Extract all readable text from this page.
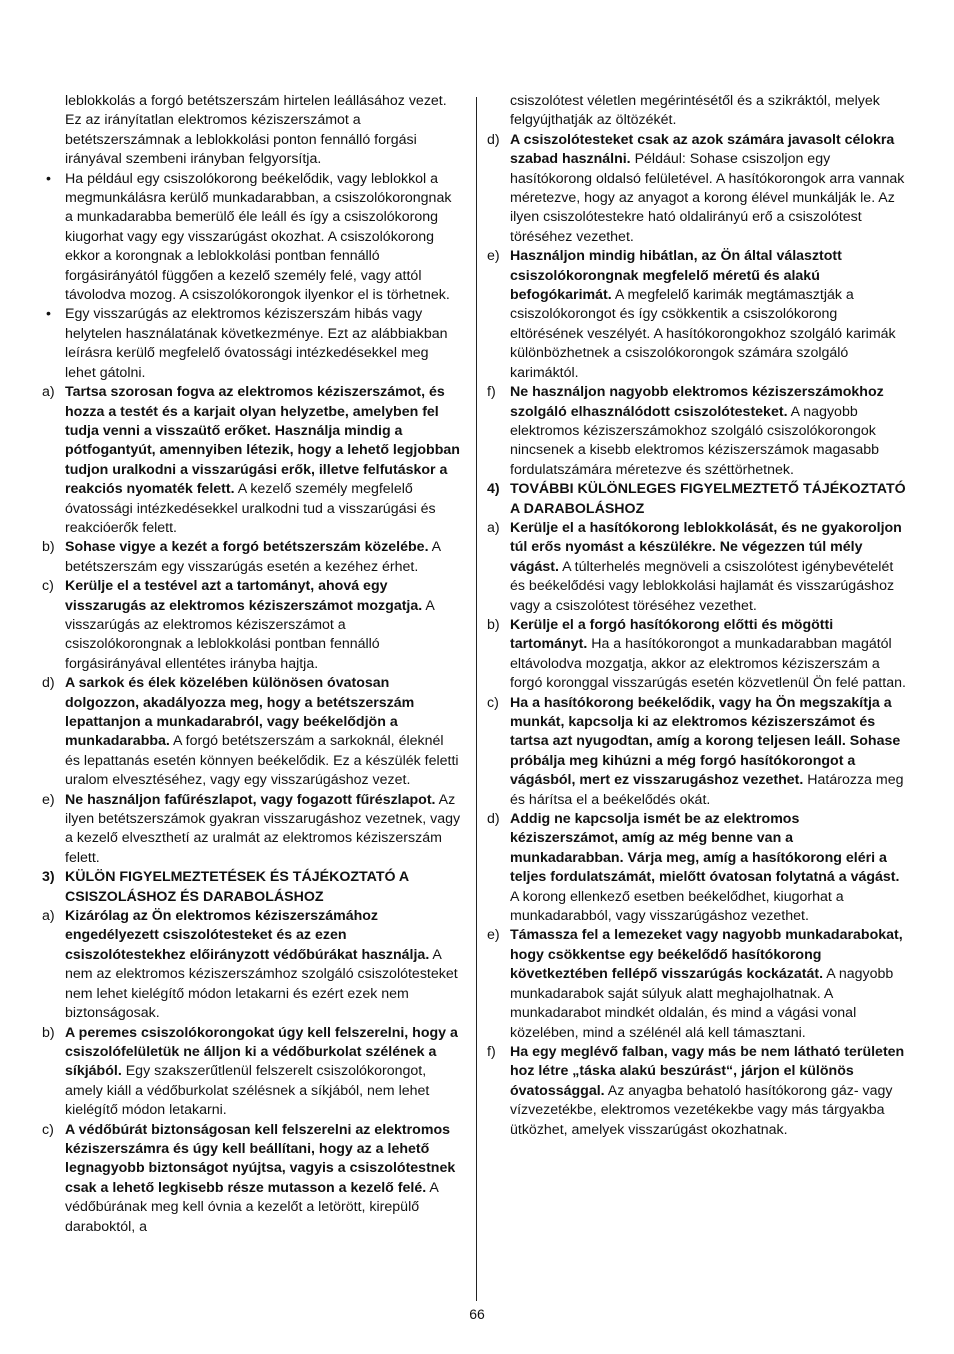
leblokkolás a forgó betétszerszám hirtelen leállásához vezet. Ez az irányítatlan elektromos kéziszerszámot a betétszerszámnak a leblokkolási ponton fennálló forgási irányával szembeni irányban felgyorsítja.

• Ha például egy csiszolókorong beékelődik, vagy leblokkol a megmunkálásra kerülő munkadarabban, a csiszolókorongnak a munkadarabba bemerülő éle leáll és így a csiszolókorong kiugorhat vagy egy visszarúgást okozhat. A csiszolókorong ekkor a korongnak a leblokkolási pontban fennálló forgásirányától függően a kezelő személy felé, vagy attól távolodva mozog. A csiszolókorongok ilyenkor el is törhetnek.
• Egy visszarúgás az elektromos kéziszerszám hibás vagy helytelen használatának következménye. Ezt az alábbiakban leírásra kerülő megfelelő óvatossági intézkedésekkel meg lehet gátolni.
a) Tartsa szorosan fogva az elektromos kéziszerszámot, és hozza a testét és a karjait olyan helyzetbe, amelyben fel tudja venni a visszaütő erőket. Használja mindig a pótfogantyút, amennyiben létezik, hogy a lehető legjobban tudjon uralkodni a visszarúgási erők, illetve felfutáskor a reakciós nyomaték felett. A kezelő személy megfelelő óvatossági intézkedésekkel uralkodni tud a visszarúgási és reakcióerők felett.
b) Sohase vigye a kezét a forgó betétszerszám közelébe. A betétszerszám egy visszarúgás esetén a kezéhez érhet.
c) Kerülje el a testével azt a tartományt, ahová egy visszarugás az elektromos kéziszerszámot mozgatja. A visszarúgás az elektromos kéziszerszámot a csiszolókorongnak a leblokkolási pontban fennálló forgásirányával ellentétes irányba hajtja.
d) A sarkok és élek közelében különösen óvatosan dolgozzon, akadályozza meg, hogy a betétszerszám lepattanjon a munkadarabról, vagy beékelődjön a munkadarabba. A forgó betétszerszám a sarkoknál, éleknél és lepattanás esetén könnyen beékelődik. Ez a készülék feletti uralom elvesztéséhez, vagy egy visszarúgáshoz vezet.
e) Ne használjon fafűrészlapot, vagy fogazott fűrészlapot. Az ilyen betétszerszámok gyakran visszarugáshoz vezetnek, vagy a kezelő elveszthetí az uralmát az elektromos kéziszerszám felett.
3) KÜLÖN FIGYELMEZTETÉSEK ÉS TÁJÉKOZTATÓ A CSISZOLÁSHOZ ÉS DARABOLÁSHOZ
a) Kizárólag az Ön elektromos kéziszerszámához engedélyezett csiszolótesteket és az ezen csiszolótestekhez előirányzott védőbúrákat használja. A nem az elektromos kéziszerszámhoz szolgáló csiszolótesteket nem lehet kielégítő módon letakarni és ezért ezek nem biztonságosak.
b) A peremes csiszolókorongokat úgy kell felszerelni, hogy a csiszolófelületük ne álljon ki a védőburkolat szélének a síkjából. Egy szakszerűtlenül felszerelt csiszolókorongot, amely kiáll a védőburkolat szélésnek a síkjából, nem lehet kielégítő módon letakarni.
c) A védőbúrát biztonságosan kell felszerelni az elektromos kéziszerszámra és úgy kell beállítani, hogy az a lehető legnagyobb biztonságot nyújtsa, vagyis a csiszolótestnek csak a lehető legkisebb része mutasson a kezelő felé. A védőbúrának meg kell óvnia a kezelőt a letörött, kirepülő daraboktól, a

csiszolótest véletlen megérintésétől és a szikráktól, melyek felgyújthatják az öltözékét.

d) A csiszolótesteket csak az azok számára javasolt célokra szabad használni. Például: Sohase csiszoljon egy hasítókorong oldalsó felületével. A hasítókorongok arra vannak méretezve, hogy az anyagot a korong élével munkálják le. Az ilyen csiszolótestekre ható oldalirányú erő a csiszolótest töréséhez vezethet.
e) Használjon mindig hibátlan, az Ön által választott csiszolókorongnak megfelelő méretű és alakú befogókarimát. A megfelelő karimák megtámasztják a csiszolókorongot és így csökkentik a csiszolókorong eltörésének veszélyét. A hasítókorongokhoz szolgáló karimák különbözhetnek a csiszolókorongok számára szolgáló karimáktól.
f)	Ne használjon nagyobb elektromos kéziszerszámokhoz szolgáló elhasználódott csiszolótesteket. A nagyobb elektromos kéziszerszámokhoz szolgáló csiszolókorongok nincsenek a kisebb elektromos kéziszerszámok magasabb fordulatszámára méretezve és széttörhetnek.
4) TOVÁBBI KÜLÖNLEGES FIGYELMEZTETŐ TÁJÉKOZTATÓ A DARABOLÁSHOZ
a) Kerülje el a hasítókorong leblokkolását, és ne gyakoroljon túl erős nyomást a készülékre. Ne végezzen túl mély vágást. A túlterhelés megnöveli a csiszolótest igénybevételét és beékelődési vagy leblokkolási hajlamát és visszarúgáshoz vagy a csiszolótest töréséhez vezethet.
b) Kerülje el a forgó hasítókorong előtti és mögötti tartományt. Ha a hasítókorongot a munkadarabban magától eltávolodva mozgatja, akkor az elektromos kéziszerszám a forgó koronggal visszarúgás esetén közvetlenül Ön felé pattan.
c) Ha a hasítókorong beékelődik, vagy ha Ön megszakítja a munkát, kapcsolja ki az elektromos kéziszerszámot és tartsa azt nyugodtan, amíg a korong teljesen leáll. Sohase próbálja meg kihúzni a még forgó hasítókorongot a vágásból, mert ez visszarugáshoz vezethet. Határozza meg és hárítsa el a beékelődés okát.
d) Addig ne kapcsolja ismét be az elektromos kéziszerszámot, amíg az még benne van a munkadarabban. Várja meg, amíg a hasítókorong eléri a teljes fordulatszámát, mielőtt óvatosan folytatná a vágást. A korong ellenkező esetben beékelődhet, kiugorhat a munkadarabból, vagy visszarúgáshoz vezethet.
e) Támassza fel a lemezeket vagy nagyobb munkadarabokat, hogy csökkentse egy beékelődő hasítókorong következtében fellépő visszarúgás kockázatát. A nagyobb munkadarabok saját súlyuk alatt meghajolhatnak. A munkadarabot mindkét oldalán, és mind a vágási vonal közelében, mind a szélénél alá kell támasztani.
f)	Ha egy meglévő falban, vagy más be nem látható területen hoz létre „táska alakú beszúrást“, járjon el különös óvatossággal. Az anyagba behatoló hasítókorong gáz- vagy vízvezetékbe, elektromos vezetékekbe vagy más tárgyakba ütközhet, amelyek visszarúgást okozhatnak.
66
